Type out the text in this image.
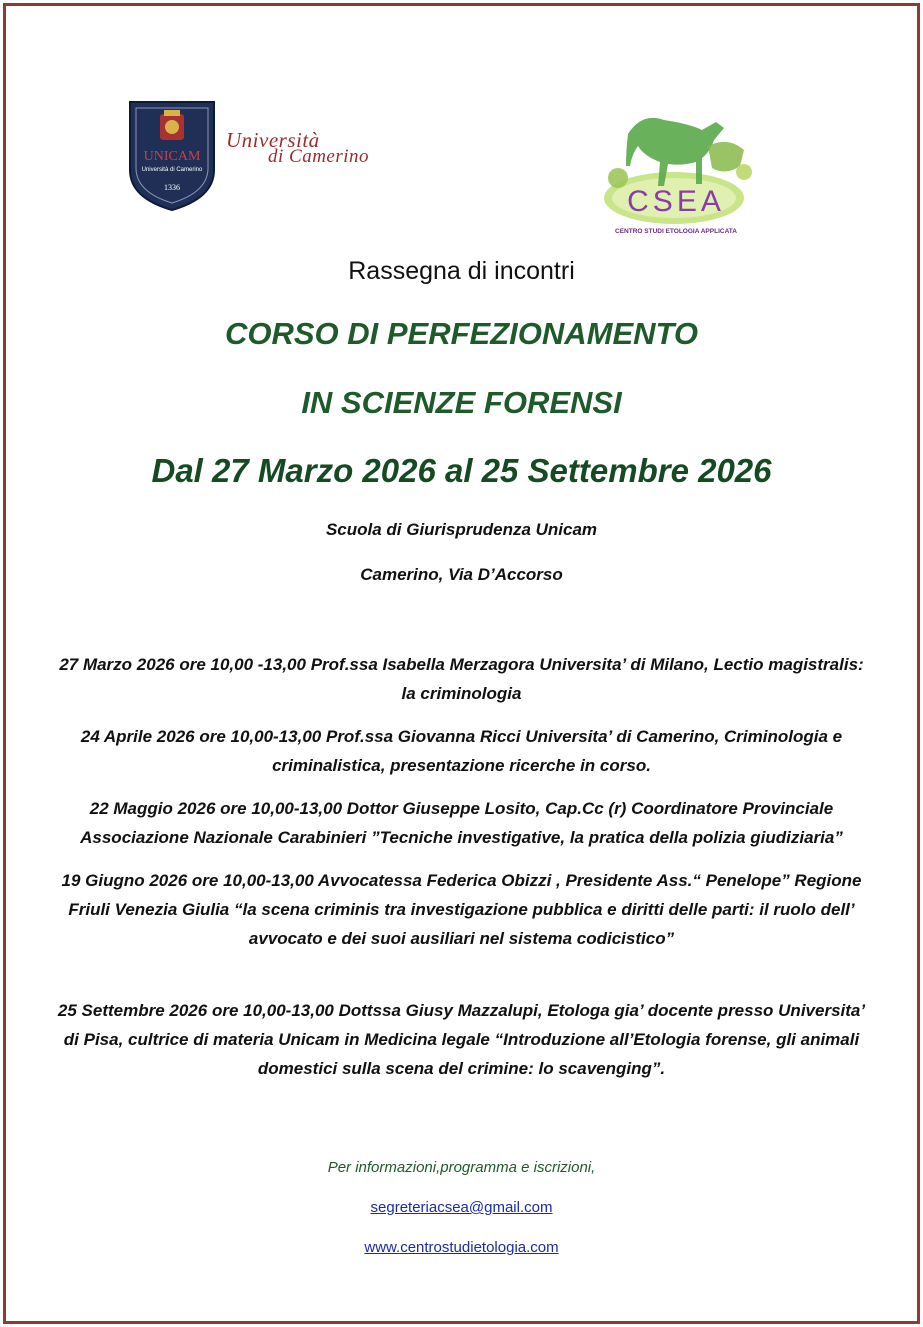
UNICAM
Università di Camerino
1336
Università
di Camerino
CSEA
CENTRO STUDI ETOLOGIA APPLICATA
Rassegna di incontri
CORSO DI PERFEZIONAMENTO
IN SCIENZE FORENSI
Dal 27 Marzo 2026 al 25 Settembre 2026
Scuola di Giurisprudenza Unicam
Camerino, Via D’Accorso
27 Marzo 2026 ore 10,00 -13,00 Prof.ssa Isabella Merzagora Universita’ di Milano, Lectio magistralis: la criminologia
24 Aprile 2026 ore 10,00-13,00 Prof.ssa Giovanna Ricci Universita’ di Camerino, Criminologia e criminalistica, presentazione ricerche in corso.
22 Maggio 2026 ore 10,00-13,00 Dottor Giuseppe Losito, Cap.Cc (r) Coordinatore Provinciale Associazione Nazionale Carabinieri ”Tecniche investigative, la pratica della polizia giudiziaria”
19 Giugno 2026 ore 10,00-13,00 Avvocatessa Federica Obizzi , Presidente Ass.“ Penelope” Regione Friuli Venezia Giulia “la scena criminis tra investigazione pubblica e diritti delle parti: il ruolo dell’ avvocato e dei suoi ausiliari nel sistema codicistico”
25 Settembre 2026 ore 10,00-13,00 Dottssa Giusy Mazzalupi, Etologa gia’ docente presso Universita’ di Pisa, cultrice di materia Unicam in Medicina legale “Introduzione all’Etologia forense, gli animali domestici sulla scena del crimine: lo scavenging”.
Per informazioni,programma e iscrizioni,
segreteriacsea@gmail.com
www.centrostudietologia.com
